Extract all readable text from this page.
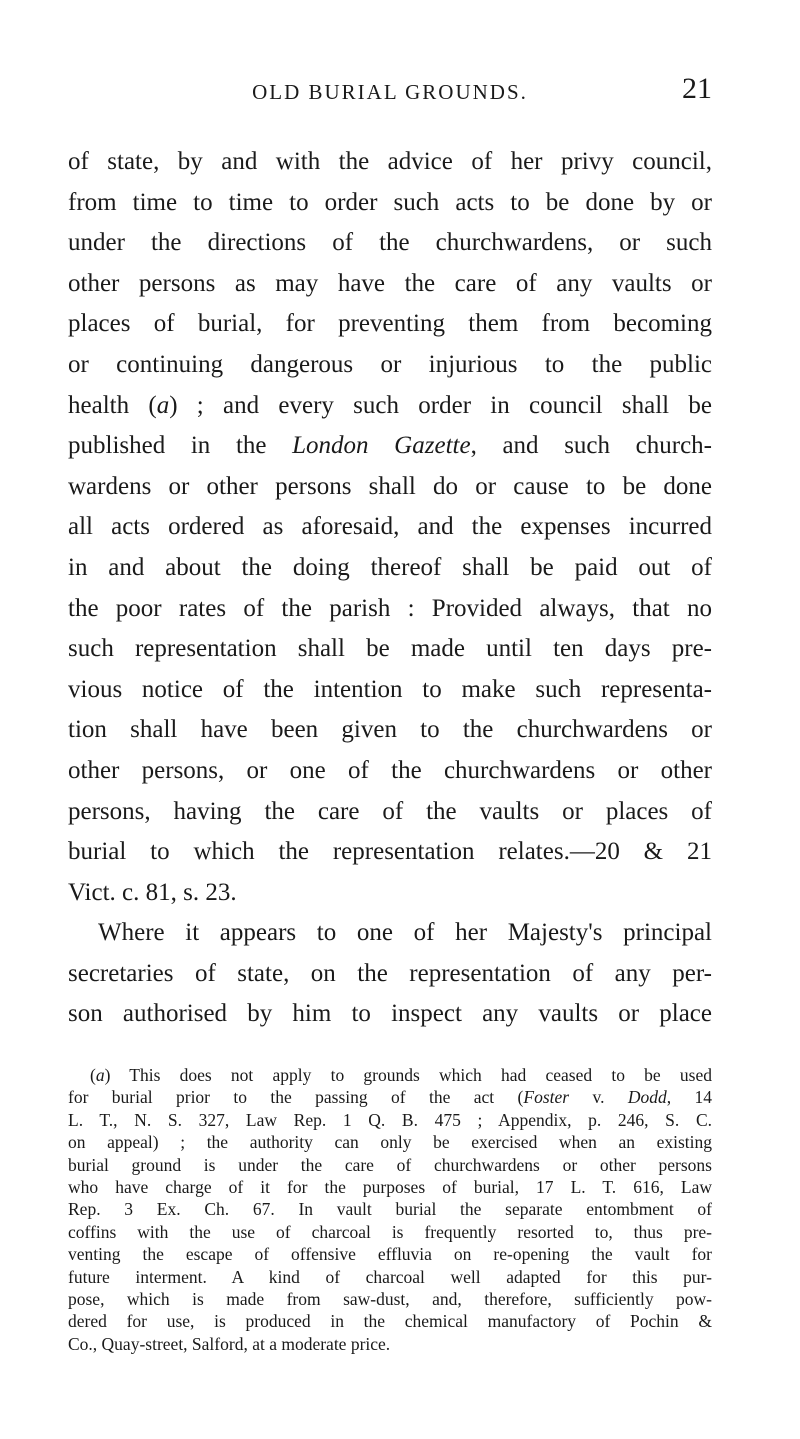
OLD BURIAL GROUNDS.	21
of state, by and with the advice of her privy council,
from time to time to order such acts to be done by or
under the directions of the churchwardens, or such
other persons as may have the care of any vaults or
places of burial, for preventing them from becoming
or continuing dangerous or injurious to the public
health (a) ; and every such order in council shall be
published in the London Gazette, and such church-
wardens or other persons shall do or cause to be done
all acts ordered as aforesaid, and the expenses incurred
in and about the doing thereof shall be paid out of
the poor rates of the parish : Provided always, that no
such representation shall be made until ten days pre-
vious notice of the intention to make such representa-
tion shall have been given to the churchwardens or
other persons, or one of the churchwardens or other
persons, having the care of the vaults or places of
burial to which the representation relates.—20 & 21
Vict. c. 81, s. 23.
Where it appears to one of her Majesty's principal
secretaries of state, on the representation of any per-
son authorised by him to inspect any vaults or place
(a) This does not apply to grounds which had ceased to be used
for burial prior to the passing of the act (Foster v. Dodd, 14
L. T., N. S. 327, Law Rep. 1 Q. B. 475 ; Appendix, p. 246, S. C.
on appeal) ; the authority can only be exercised when an existing
burial ground is under the care of churchwardens or other persons
who have charge of it for the purposes of burial, 17 L. T. 616, Law
Rep. 3 Ex. Ch. 67. In vault burial the separate entombment of
coffins with the use of charcoal is frequently resorted to, thus pre-
venting the escape of offensive effluvia on re-opening the vault for
future interment. A kind of charcoal well adapted for this pur-
pose, which is made from saw-dust, and, therefore, sufficiently pow-
dered for use, is produced in the chemical manufactory of Pochin &
Co., Quay-street, Salford, at a moderate price.
